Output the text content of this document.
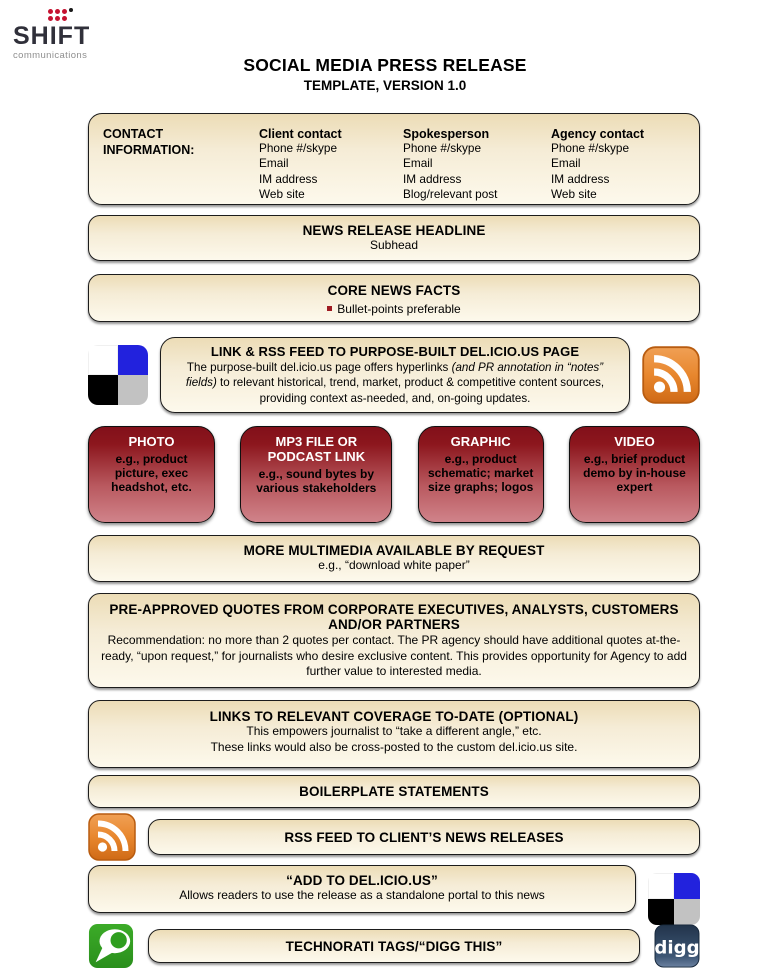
SHIFT
communications	SOCIAL MEDIA PRESS RELEASE
TEMPLATE, VERSION 1.0
CONTACT
INFORMATION:
Client contact
Phone #/skype
Email
IM address
Web site
Spokesperson
Phone #/skype
Email
IM address
Blog/relevant post
Agency contact
Phone #/skype
Email
IM address
Web site
NEWS RELEASE HEADLINE
Subhead
CORE NEWS FACTS
Bullet-points preferable
LINK & RSS FEED TO PURPOSE-BUILT DEL.ICIO.US PAGE
The purpose-built del.icio.us page offers hyperlinks (and PR annotation in “notes” fields) to relevant historical, trend, market, product & competitive content sources, providing context as-needed, and, on-going updates.
PHOTO
e.g., product picture, exec headshot, etc.
MP3 FILE OR PODCAST LINK
e.g., sound bytes by various stakeholders
GRAPHIC
e.g., product schematic; market size graphs; logos
VIDEO
e.g., brief product demo by in-house expert
MORE MULTIMEDIA AVAILABLE BY REQUEST
e.g., “download white paper”
PRE-APPROVED QUOTES FROM CORPORATE EXECUTIVES, ANALYSTS, CUSTOMERS AND/OR PARTNERS
Recommendation: no more than 2 quotes per contact. The PR agency should have additional quotes at-the-ready, “upon request,” for journalists who desire exclusive content. This provides opportunity for Agency to add further value to interested media.
LINKS TO RELEVANT COVERAGE TO-DATE (OPTIONAL)
This empowers journalist to “take a different angle,” etc.
These links would also be cross-posted to the custom del.icio.us site.
BOILERPLATE STATEMENTS
RSS FEED TO CLIENT’S NEWS RELEASES
“ADD TO DEL.ICIO.US”
Allows readers to use the release as a standalone portal to this news
TECHNORATI TAGS/“DIGG THIS”	digg
